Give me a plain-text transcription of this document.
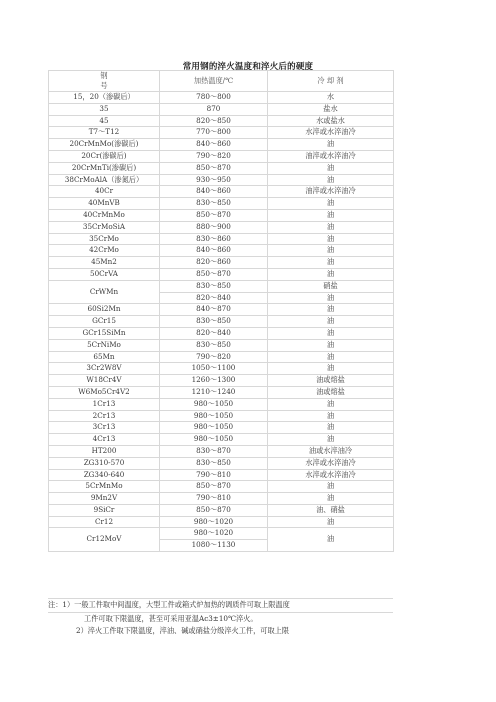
常用钢的淬火温度和淬火后的硬度
钢
号	加热温度/℃	冷 却 剂
15，20（渗碳后）	780～800	水
35	870	盐水
45	820～850	水或盐水
T7～T12	770～800	水淬或水淬油冷
20CrMnMo(渗碳后)	840～860	油
20Cr(渗碳后)	790～820	油淬或水淬油冷
20CrMnTi(渗碳后)	850～870	油
38CrMoAlA（渗氮后）	930～950	油
40Cr	840～860	油淬或水淬油冷
40MnVB	830～850	油
40CrMnMo	850～870	油
35CrMoSiA	880～900	油
35CrMo	830～860	油
42CrMo	840～860	油
45Mn2	820～860	油
50CrVA	850～870	油
CrWMn	830～850	硝盐
	820～840	油
60Si2Mn	840～870	油
GCr15	830～850	油
GCr15SiMn	820～840	油
5CrNiMo	830～850	油
65Mn	790～820	油
3Cr2W8V	1050～1100	油
W18Cr4V	1260～1300	油或熔盐
W6Mo5Cr4V2	1210～1240	油或熔盐
1Cr13	980～1050	油
2Cr13	980～1050	油
3Cr13	980～1050	油
4Cr13	980～1050	油
HT200	830～870	油或水淬油冷
ZG310-570	830～850	水淬或水淬油冷
ZG340-640	790～810	水淬或水淬油冷
5CrMnMo	850～870	油
9Mn2V	790～810	油
9SiCr	850～870	油、硝盐
Cr12	980～1020	油
Cr12MoV	980～1020	油
	1080～1130	
注：1）一般工件取中间温度，大型工件或箱式炉加热的调质件可取上限温度
工件可取下限温度，甚至可采用亚温Ac3±10℃淬火。
2）淬火工件取下限温度，淬油、碱或硝盐分级淬火工件，可取上限
